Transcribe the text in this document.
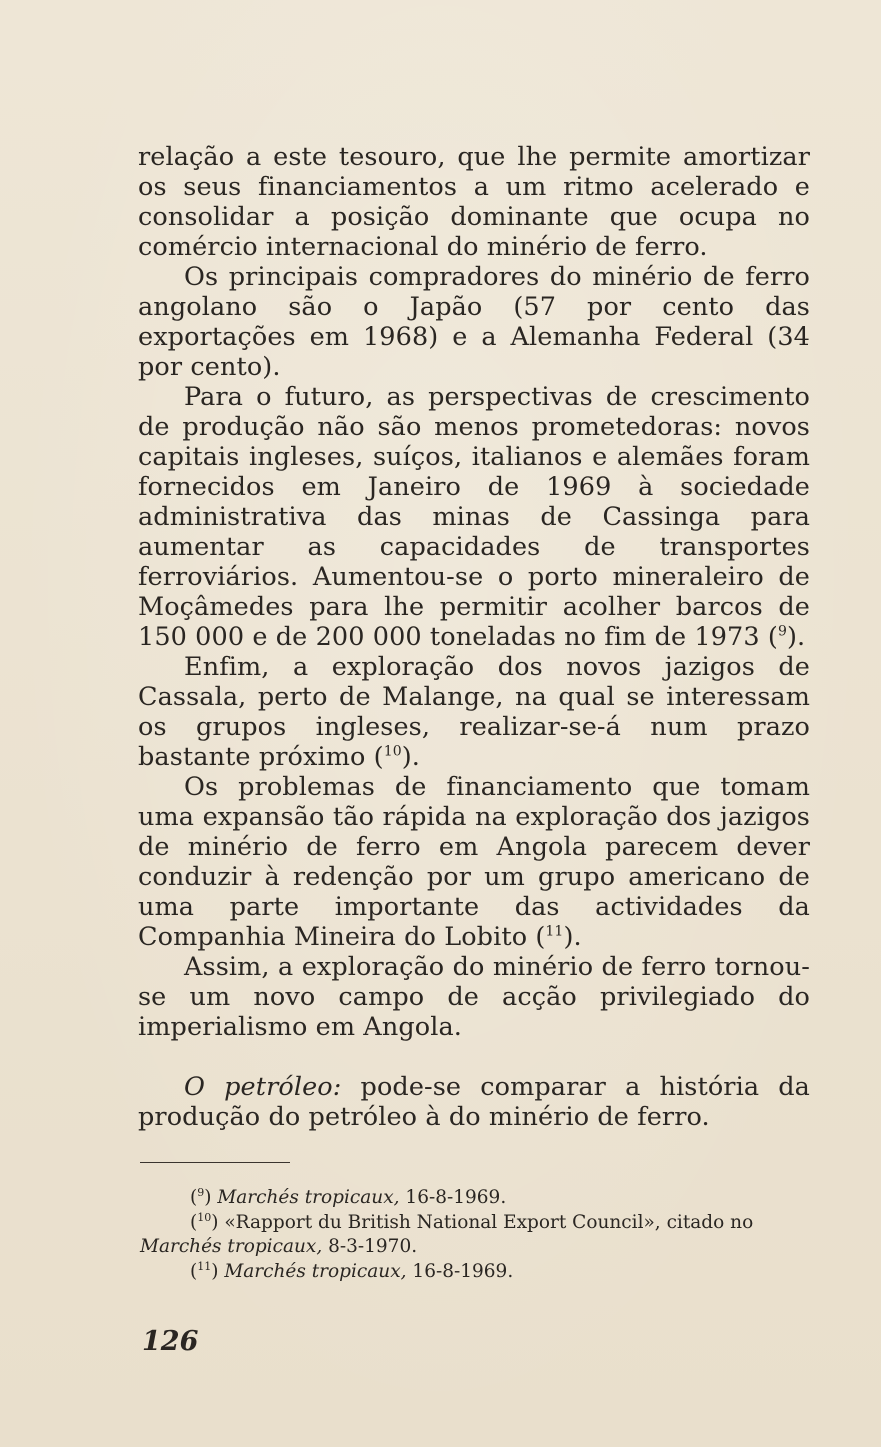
relação a este tesouro, que lhe permite amortizar os seus financiamentos a um ritmo acelerado e consolidar a posição dominante que ocupa no comércio internacional do minério de ferro.

Os principais compradores do minério de ferro angolano são o Japão (57 por cento das exportações em 1968) e a Alemanha Federal (34 por cento).

Para o futuro, as perspectivas de crescimento de produção não são menos prometedoras: novos capitais ingleses, suíços, italianos e alemães foram fornecidos em Janeiro de 1969 à sociedade administrativa das minas de Cassinga para aumentar as capacidades de transportes ferroviários. Aumentou-se o porto mineraleiro de Moçâmedes para lhe permitir acolher barcos de 150 000 e de 200 000 toneladas no fim de 1973 ($^9$).

Enfim, a exploração dos novos jazigos de Cassala, perto de Malange, na qual se interessam os grupos ingleses, realizar-se-á num prazo bastante próximo ($^{10}$).

Os problemas de financiamento que tomam uma expansão tão rápida na exploração dos jazigos de minério de ferro em Angola parecem dever conduzir à redenção por um grupo americano de uma parte importante das actividades da Companhia Mineira do Lobito ($^{11}$).

Assim, a exploração do minério de ferro tornou-se um novo campo de acção privilegiado do imperialismo em Angola.

O petróleo: pode-se comparar a história da produção do petróleo à do minério de ferro.

($^9$) Marchés tropicaux, 16-8-1969.

($^{10}$) «Rapport du British National Export Council», citado no Marchés tropicaux, 8-3-1970.

($^{11}$) Marchés tropicaux, 16-8-1969.

126
